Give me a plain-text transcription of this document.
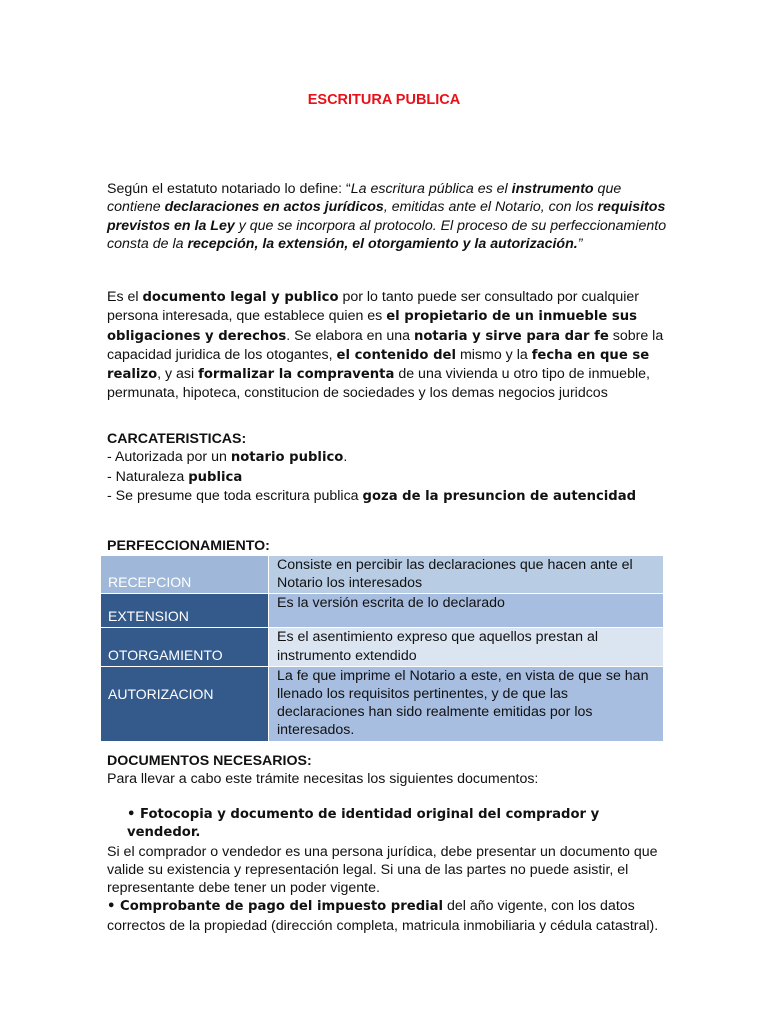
ESCRITURA PUBLICA
Según el estatuto notariado lo define: “La escritura pública es el instrumento que contiene declaraciones en actos jurídicos, emitidas ante el Notario, con los requisitos previstos en la Ley y que se incorpora al protocolo. El proceso de su perfeccionamiento consta de la recepción, la extensión, el otorgamiento y la autorización.”
Es el documento legal y publico por lo tanto puede ser consultado por cualquier persona interesada, que establece quien es el propietario de un inmueble sus obligaciones y derechos. Se elabora en una notaria y sirve para dar fe sobre la capacidad juridica de los otogantes, el contenido del mismo y la fecha en que se realizo, y asi formalizar la compraventa de una vivienda u otro tipo de inmueble, permunata, hipoteca, constitucion de sociedades y los demas negocios juridcos
CARCATERISTICAS:
- Autorizada por un notario publico.
- Naturaleza publica
- Se presume que toda escritura publica goza de la presuncion de autencidad
PERFECCIONAMIENTO:
RECEPCION	Consiste en percibir las declaraciones que hacen ante el Notario los interesados
EXTENSION	Es la versión escrita de lo declarado
OTORGAMIENTO	Es el asentimiento expreso que aquellos prestan al instrumento extendido
AUTORIZACION	La fe que imprime el Notario a este, en vista de que se han llenado los requisitos pertinentes, y de que las declaraciones han sido realmente emitidas por los interesados.
DOCUMENTOS NECESARIOS:
Para llevar a cabo este trámite necesitas los siguientes documentos:
• Fotocopia y documento de identidad original del comprador y vendedor.
Si el comprador o vendedor es una persona jurídica, debe presentar un documento que valide su existencia y representación legal. Si una de las partes no puede asistir, el representante debe tener un poder vigente.
• Comprobante de pago del impuesto predial del año vigente, con los datos correctos de la propiedad (dirección completa, matricula inmobiliaria y cédula catastral).
